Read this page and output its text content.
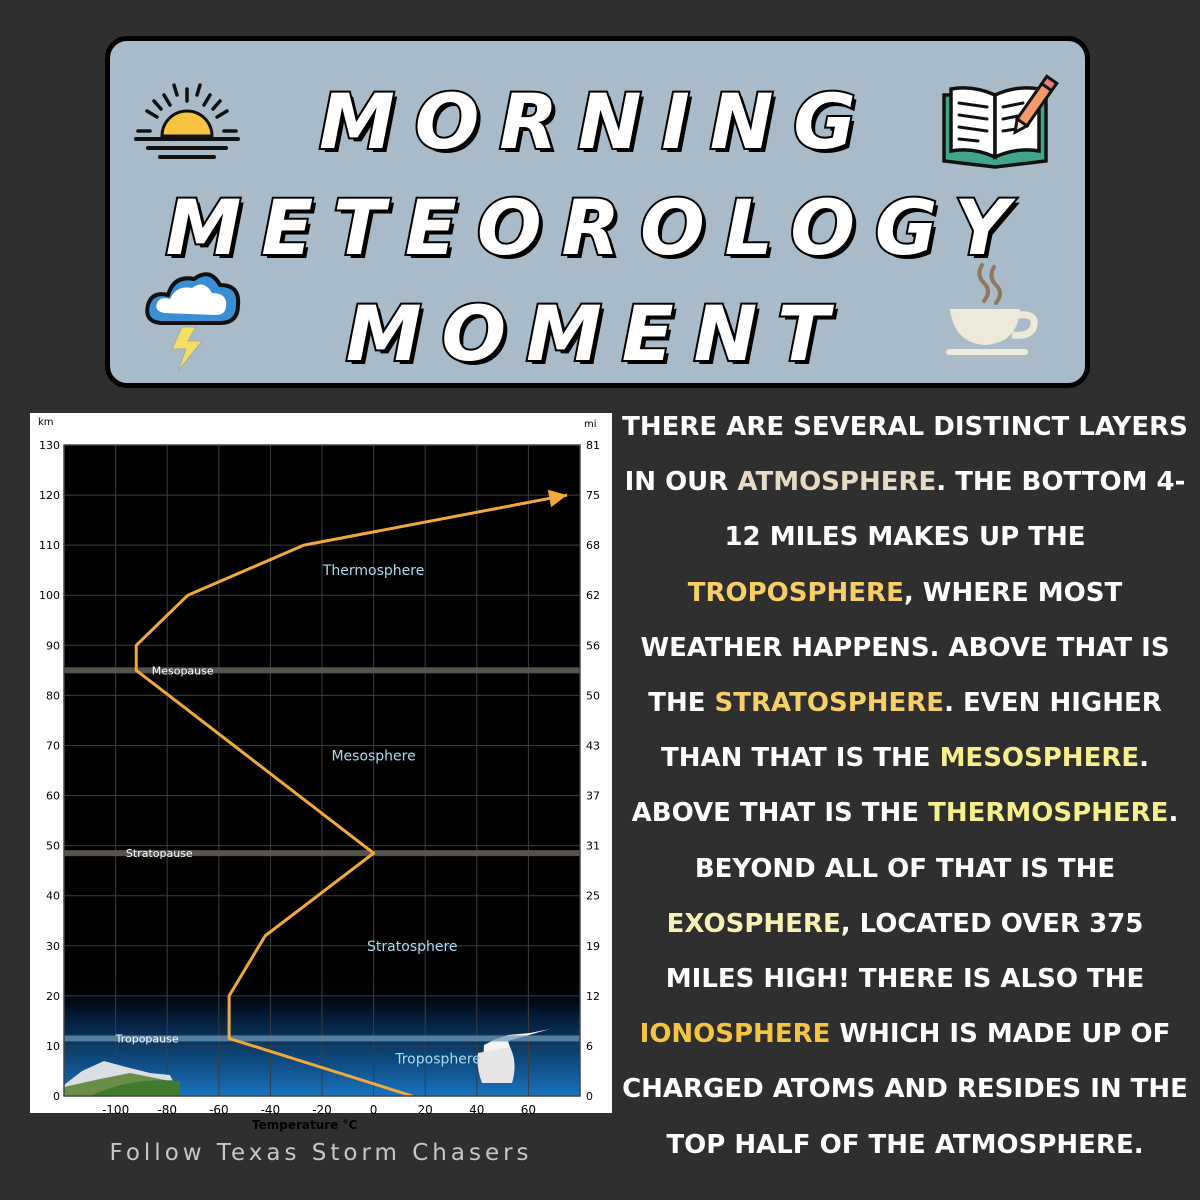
MORNING
METEOROLOGY
MOMENT
0	0
10	6
20	12
30	19
40	25
50	31
60	37
70	43
80	50
90	56
100	62
110	68
120	75
130	81
-100 -80	-60	-40	-20	0	20	40	60
km	mi
Temperature °C
Tropopause
Stratopause
Mesopause
Troposphere
Stratosphere
Mesosphere
Thermosphere
Follow Texas Storm Chasers
THERE ARE SEVERAL DISTINCT LAYERS IN OUR ATMOSPHERE. THE BOTTOM 4-12 MILES MAKES UP THE TROPOSPHERE, WHERE MOST WEATHER HAPPENS. ABOVE THAT IS THE STRATOSPHERE. EVEN HIGHER THAN THAT IS THE MESOSPHERE. ABOVE THAT IS THE THERMOSPHERE. BEYOND ALL OF THAT IS THE EXOSPHERE, LOCATED OVER 375 MILES HIGH! THERE IS ALSO THE IONOSPHERE WHICH IS MADE UP OF CHARGED ATOMS AND RESIDES IN THE TOP HALF OF THE ATMOSPHERE.
